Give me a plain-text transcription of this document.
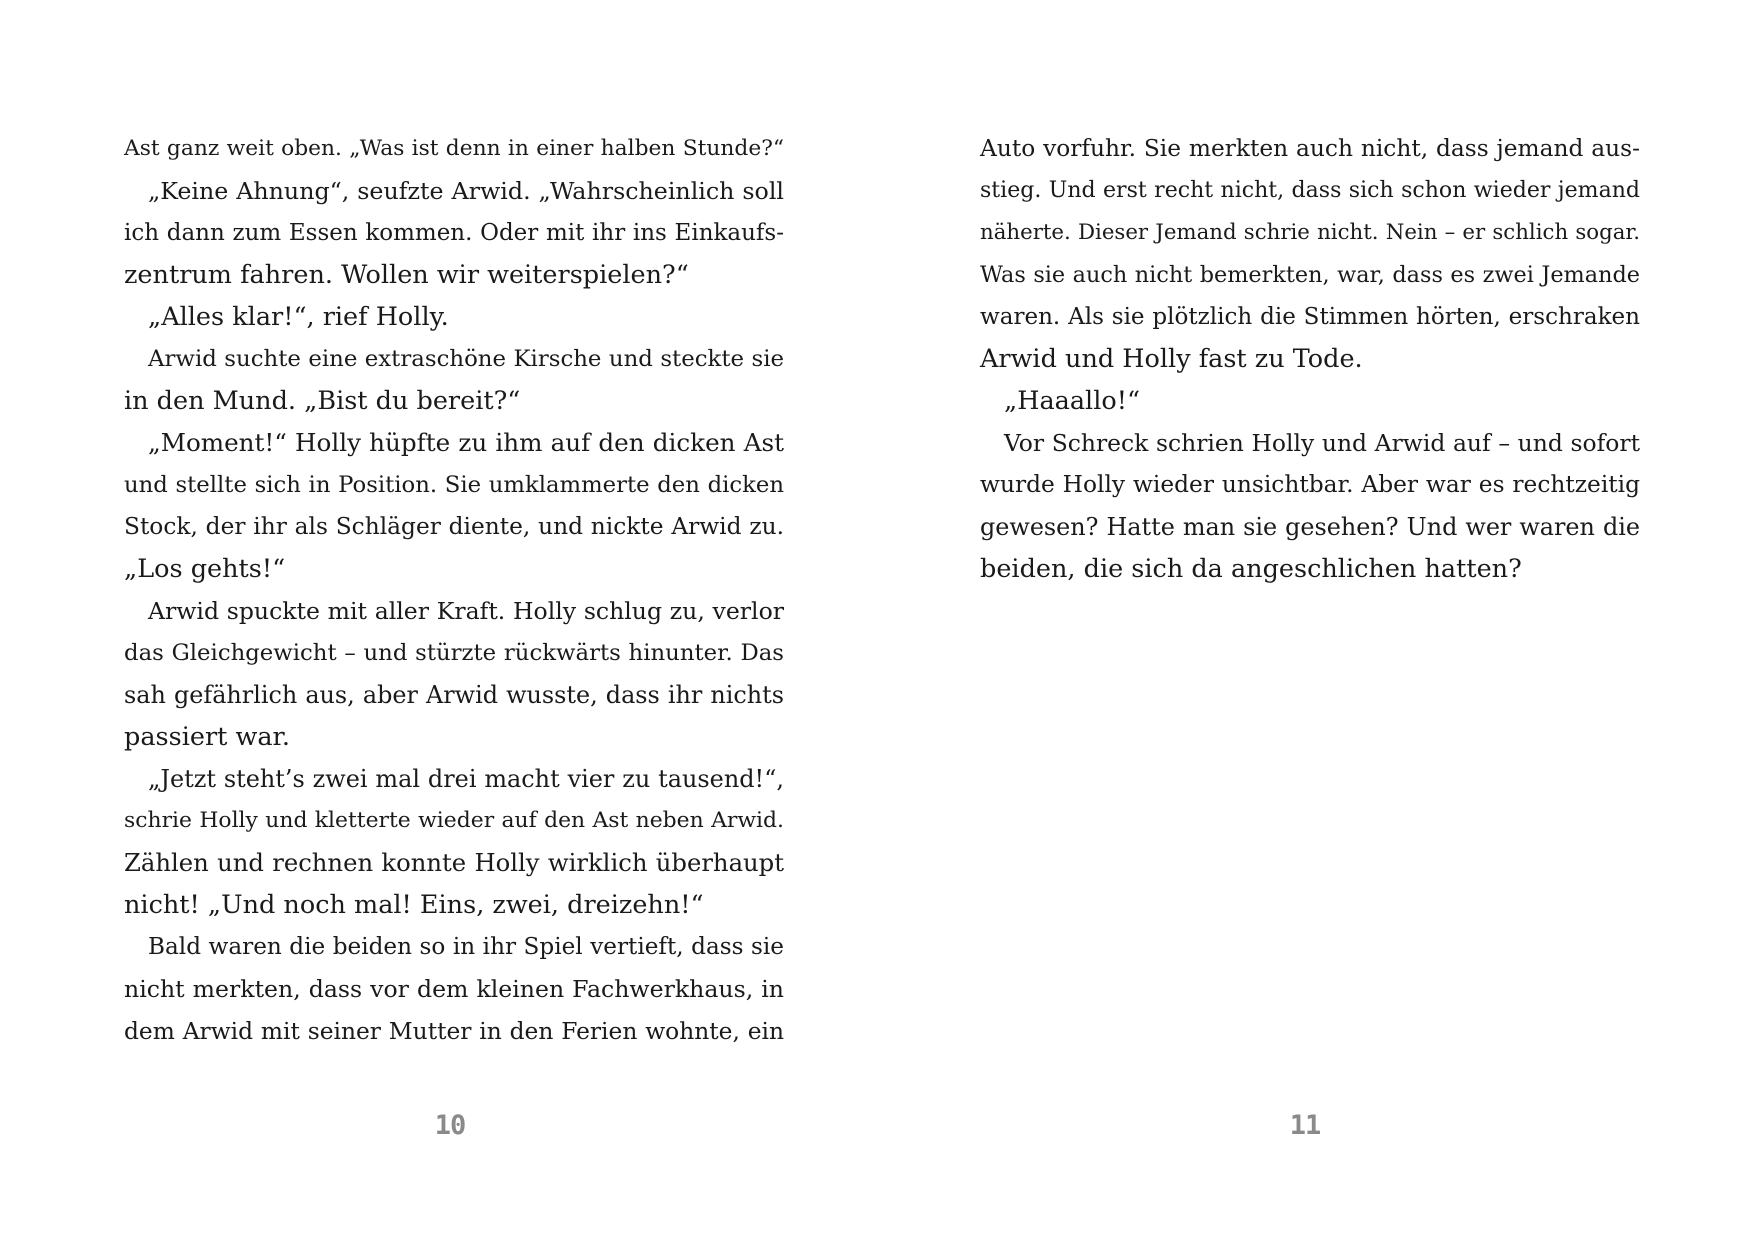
Ast ganz weit oben. „Was ist denn in einer halben Stunde?“
„Keine Ahnung“, seufzte Arwid. „Wahrscheinlich soll
ich dann zum Essen kommen. Oder mit ihr ins Einkaufs-
zentrum fahren. Wollen wir weiterspielen?“
„Alles klar!“, rief Holly.
Arwid suchte eine extraschöne Kirsche und steckte sie
in den Mund. „Bist du bereit?“
„Moment!“ Holly hüpfte zu ihm auf den dicken Ast
und stellte sich in Position. Sie umklammerte den dicken
Stock, der ihr als Schläger diente, und nickte Arwid zu.
„Los gehts!“
Arwid spuckte mit aller Kraft. Holly schlug zu, verlor
das Gleichgewicht – und stürzte rückwärts hinunter. Das
sah gefährlich aus, aber Arwid wusste, dass ihr nichts
passiert war.
„Jetzt steht’s zwei mal drei macht vier zu tausend!“,
schrie Holly und kletterte wieder auf den Ast neben Arwid.
Zählen und rechnen konnte Holly wirklich überhaupt
nicht! „Und noch mal! Eins, zwei, dreizehn!“
Bald waren die beiden so in ihr Spiel vertieft, dass sie
nicht merkten, dass vor dem kleinen Fachwerkhaus, in
dem Arwid mit seiner Mutter in den Ferien wohnte, ein
10
Auto vorfuhr. Sie merkten auch nicht, dass jemand aus-
stieg. Und erst recht nicht, dass sich schon wieder jemand
näherte. Dieser Jemand schrie nicht. Nein – er schlich sogar.
Was sie auch nicht bemerkten, war, dass es zwei Jemande
waren. Als sie plötzlich die Stimmen hörten, erschraken
Arwid und Holly fast zu Tode.
„Haaallo!“
Vor Schreck schrien Holly und Arwid auf – und sofort
wurde Holly wieder unsichtbar. Aber war es rechtzeitig
gewesen? Hatte man sie gesehen? Und wer waren die
beiden, die sich da angeschlichen hatten?
11
